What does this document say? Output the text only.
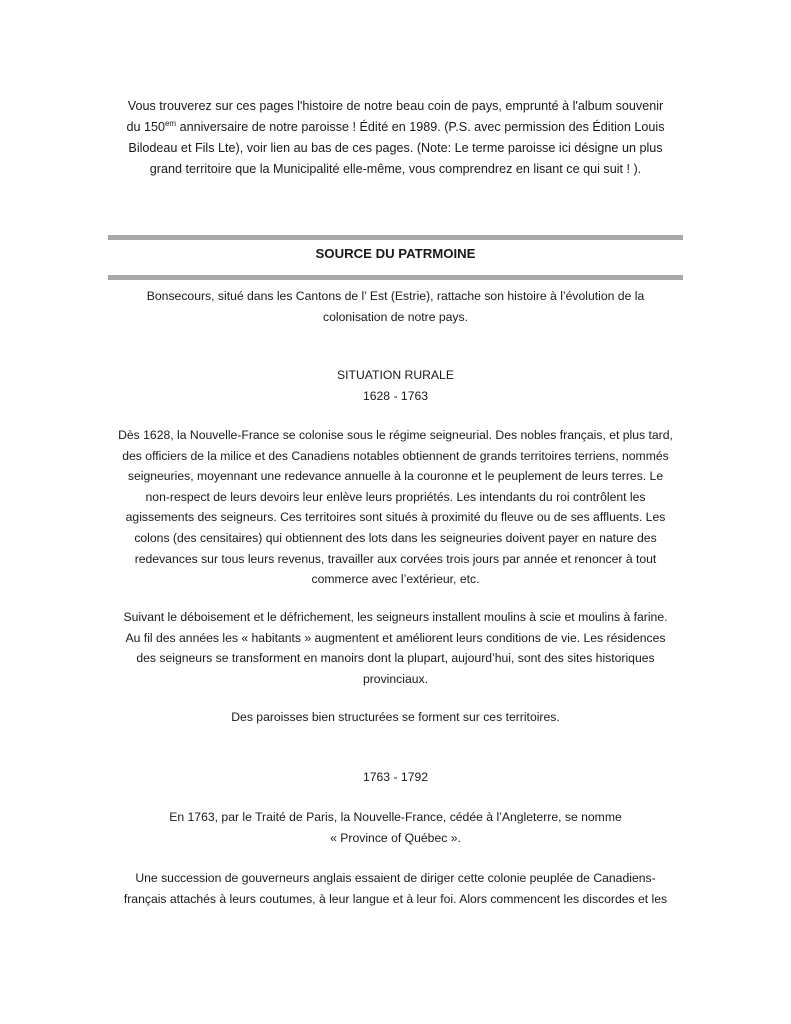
Vous trouverez sur ces pages l'histoire de notre beau coin de pays, emprunté à l'album souvenir

du $150^{em}$ anniversaire de notre paroisse ! Édité en 1989. (P.S. avec permission des Édition Louis

Bilodeau et Fils Lte), voir lien au bas de ces pages. (Note: Le terme paroisse ici désigne un plus

grand territoire que la Municipalité elle-même, vous comprendrez en lisant ce qui suit ! ).

SOURCE DU PATRMOINE

Bonsecours, situé dans les Cantons de l’ Est (Estrie), rattache son histoire à l’évolution de la

colonisation de notre pays.

SITUATION RURALE

1628 - 1763

Dès 1628, la Nouvelle-France se colonise sous le régime seigneurial. Des nobles français, et plus tard,

des officiers de la milice et des Canadiens notables obtiennent de grands territoires terriens, nommés

seigneuries, moyennant une redevance annuelle à la couronne et le peuplement de leurs terres. Le

non-respect de leurs devoirs leur enlève leurs propriétés. Les intendants du roi contrôlent les

agissements des seigneurs. Ces territoires sont situés à proximité du fleuve ou de ses affluents. Les

colons (des censitaires) qui obtiennent des lots dans les seigneuries doivent payer en nature des

redevances sur tous leurs revenus, travailler aux corvées trois jours par année et renoncer à tout

commerce avec l’extérieur, etc.

Suivant le déboisement et le défrichement, les seigneurs installent moulins à scie et moulins à farine.

Au fil des années les « habitants » augmentent et améliorent leurs conditions de vie. Les résidences

des seigneurs se transforment en manoirs dont la plupart, aujourd’hui, sont des sites historiques

provinciaux.

Des paroisses bien structurées se forment sur ces territoires.

1763 - 1792

En 1763, par le Traité de Paris, la Nouvelle-France, cédée à l’Angleterre, se nomme

« Province of Québec ».

Une succession de gouverneurs anglais essaient de diriger cette colonie peuplée de Canadiens-

français attachés à leurs coutumes, à leur langue et à leur foi. Alors commencent les discordes et les
